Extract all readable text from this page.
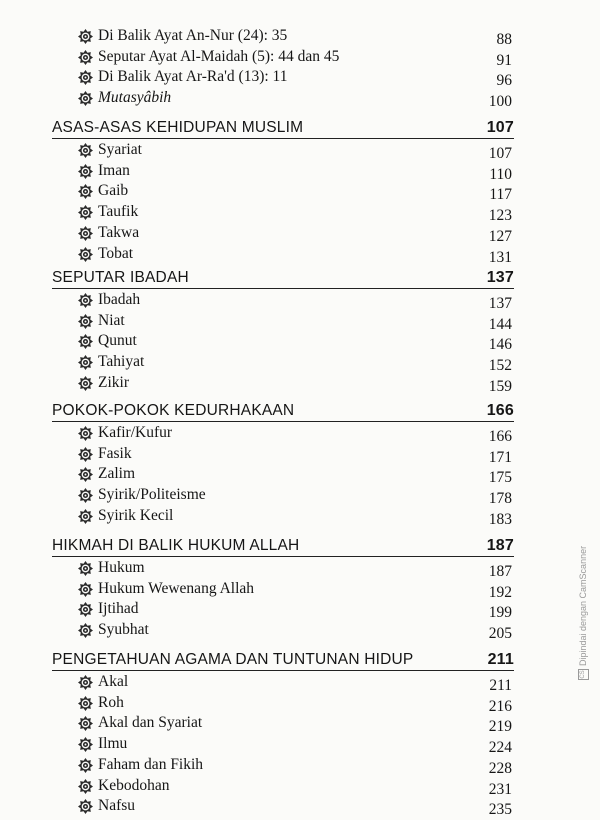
Di Balik Ayat An-Nur (24): 35	88
Seputar Ayat Al-Maidah (5): 44 dan 45	91
Di Balik Ayat Ar-Ra'd (13): 11	96
Mutasyâbih	100
ASAS-ASAS KEHIDUPAN MUSLIM	107
Syariat	107
Iman	110
Gaib	117
Taufik	123
Takwa	127
Tobat	131
SEPUTAR IBADAH	137
Ibadah	137
Niat	144
Qunut	146
Tahiyat	152
Zikir	159
POKOK-POKOK KEDURHAKAAN	166
Kafir/Kufur	166
Fasik	171
Zalim	175
Syirik/Politeisme	178
Syirik Kecil	183
HIKMAH DI BALIK HUKUM ALLAH	187
Hukum	187
Hukum Wewenang Allah	192
Ijtihad	199
Syubhat	205
PENGETAHUAN AGAMA DAN TUNTUNAN HIDUP	211
Akal	211
Roh	216
Akal dan Syariat	219
Ilmu	224
Faham dan Fikih	228
Kebodohan	231
Nafsu	235
CSDipindai dengan CamScanner
